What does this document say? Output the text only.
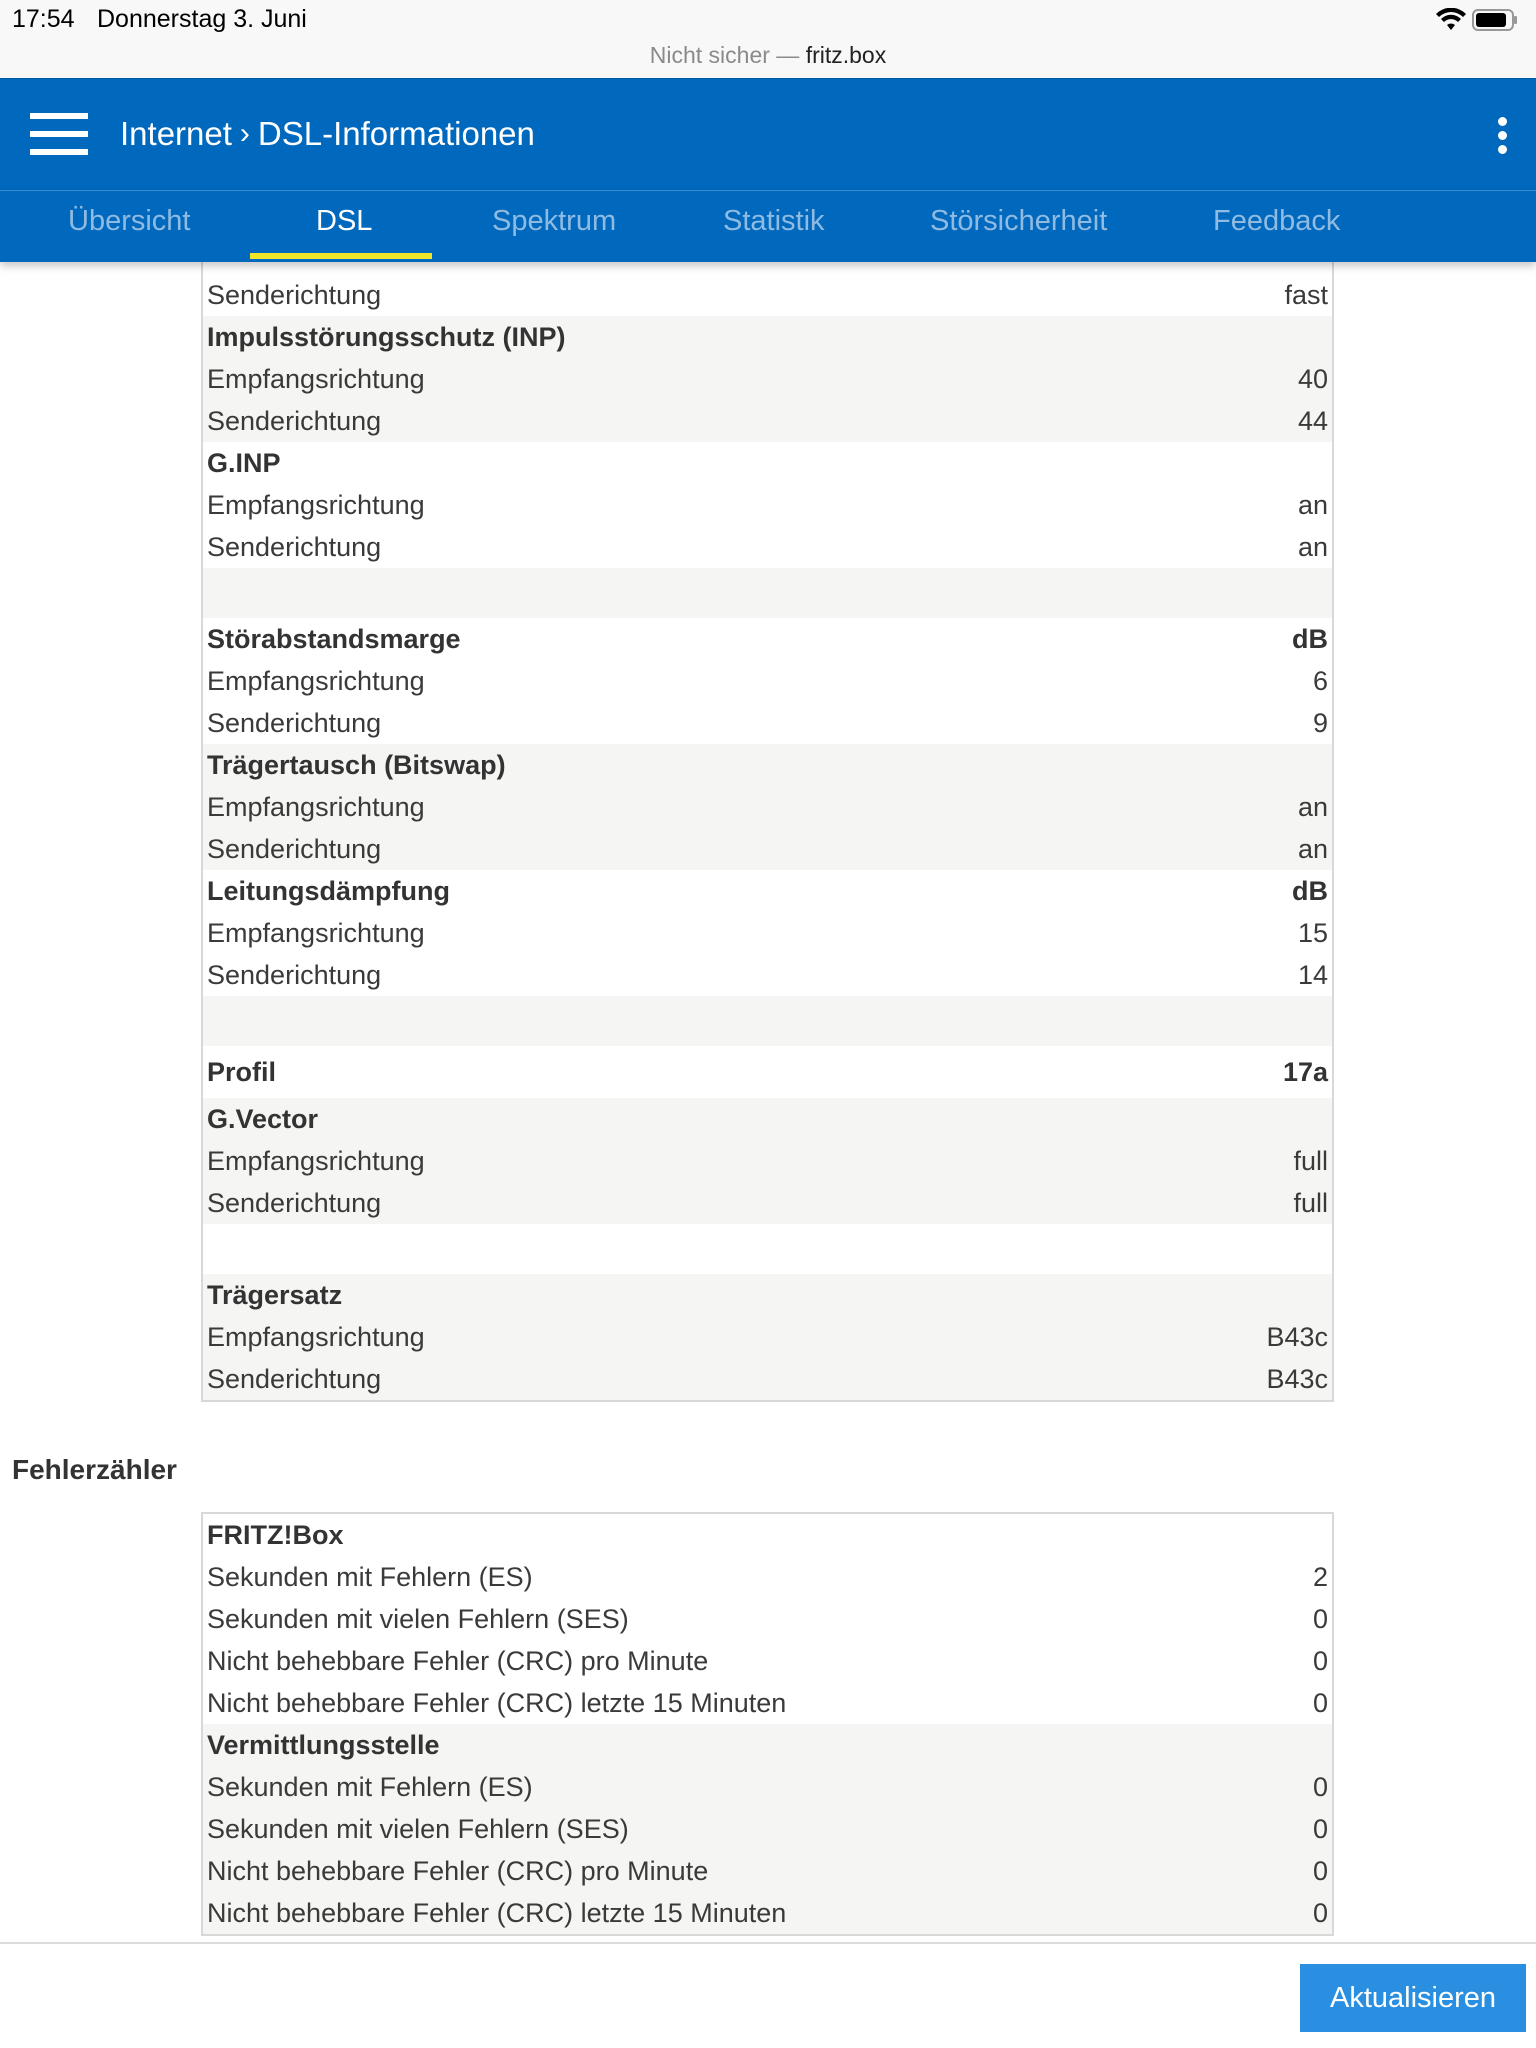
17:54 Donnerstag 3. Juni
Nicht sicher — fritz.box
Internet › DSL-Informationen
Übersicht	DSL	Spektrum	Statistik	Störsicherheit	Feedback
Senderichtung	fast
Impulsstörungsschutz (INP)
Empfangsrichtung	40
Senderichtung	44
G.INP
Empfangsrichtung	an
Senderichtung	an
Störabstandsmarge	dB
Empfangsrichtung	6
Senderichtung	9
Trägertausch (Bitswap)
Empfangsrichtung	an
Senderichtung	an
Leitungsdämpfung	dB
Empfangsrichtung	15
Senderichtung	14
Profil	17a
G.Vector
Empfangsrichtung	full
Senderichtung	full
Trägersatz
Empfangsrichtung	B43c
Senderichtung	B43c
Fehlerzähler
FRITZ!Box
Sekunden mit Fehlern (ES)	2
Sekunden mit vielen Fehlern (SES)	0
Nicht behebbare Fehler (CRC) pro Minute	0
Nicht behebbare Fehler (CRC) letzte 15 Minuten	0
Vermittlungsstelle
Sekunden mit Fehlern (ES)	0
Sekunden mit vielen Fehlern (SES)	0
Nicht behebbare Fehler (CRC) pro Minute	0
Nicht behebbare Fehler (CRC) letzte 15 Minuten	0
Aktualisieren
